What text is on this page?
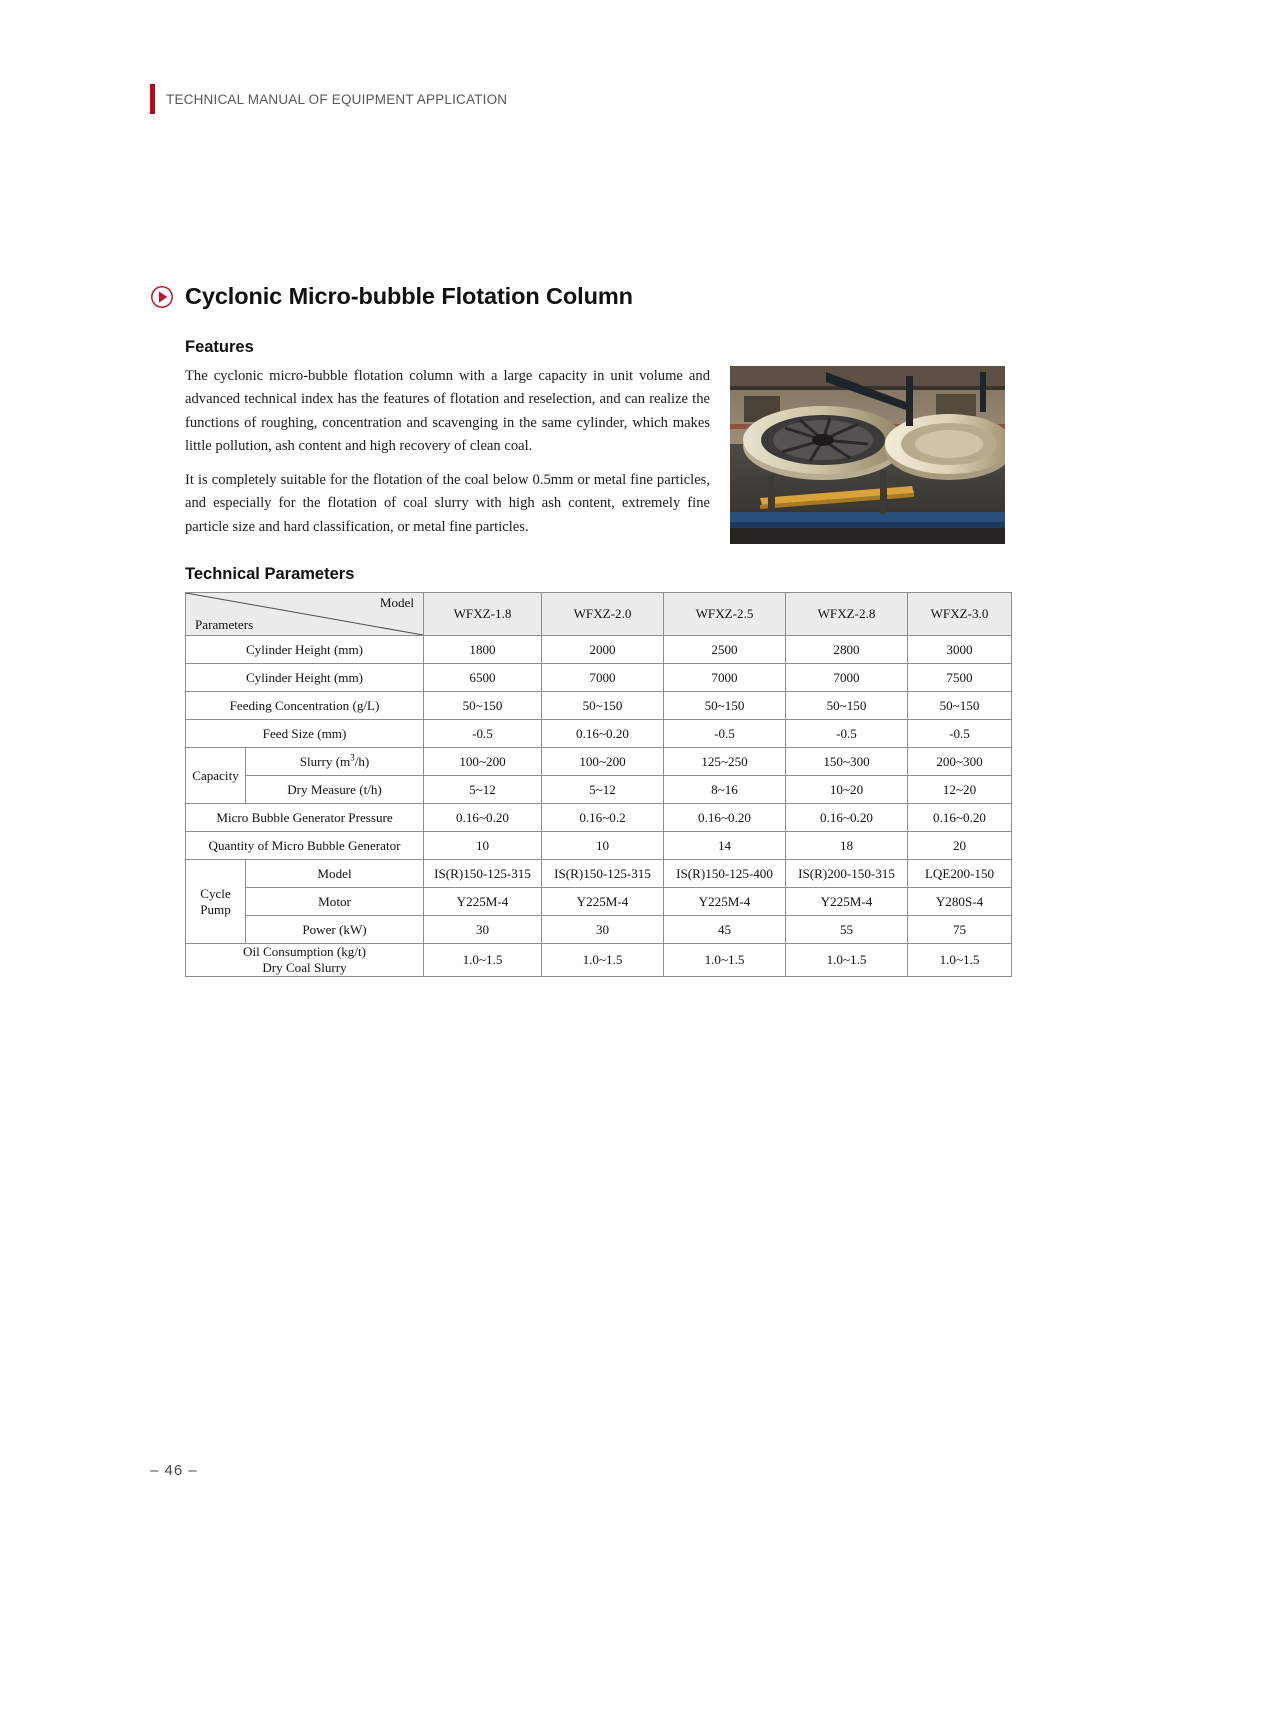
TECHNICAL MANUAL OF EQUIPMENT APPLICATION
Cyclonic Micro-bubble Flotation Column
Features

The cyclonic micro-bubble flotation column with a large capacity in unit volume and advanced technical index has the features of flotation and reselection, and can realize the functions of roughing, concentration and scavenging in the same cylinder, which makes little pollution, ash content and high recovery of clean coal.

It is completely suitable for the flotation of the coal below 0.5mm or metal fine particles, and especially for the flotation of coal slurry with high ash content, extremely fine particle size and hard classification, or metal fine particles.

Technical Parameters
Model
Parameters		WFXZ-1.8	WFXZ-2.0	WFXZ-2.5	WFXZ-2.8	WFXZ-3.0
Cylinder Height (mm)		1800	2000	2500	2800	3000
Cylinder Height (mm)		6500	7000	7000	7000	7500
Feeding Concentration (g/L)		50~150	50~150	50~150	50~150	50~150
Feed Size (mm)		-0.5	0.16~0.20	-0.5	-0.5	-0.5
Capacity	Slurry $(m^3/h)$	100~200	100~200	125~250	150~300	200~300
	Dry Measure (t/h)	5~12	5~12	8~16	10~20	12~20
Micro Bubble Generator Pressure		0.16~0.20	0.16~0.2	0.16~0.20	0.16~0.20	0.16~0.20
Quantity of Micro Bubble Generator		10	10	14	18	20
Cycle Pump	Model	IS(R)150-125-315	IS(R)150-125-315	IS(R)150-125-400	IS(R)200-150-315	LQE200-150
	Motor	Y225M-4	Y225M-4	Y225M-4	Y225M-4	Y280S-4
	Power (kW)	30	30	45	55	75

Oil Consumption (kg/t)
Dry Coal Slurry		1.0~1.5	1.0~1.5	1.0~1.5	1.0~1.5	1.0~1.5
– 46 –
